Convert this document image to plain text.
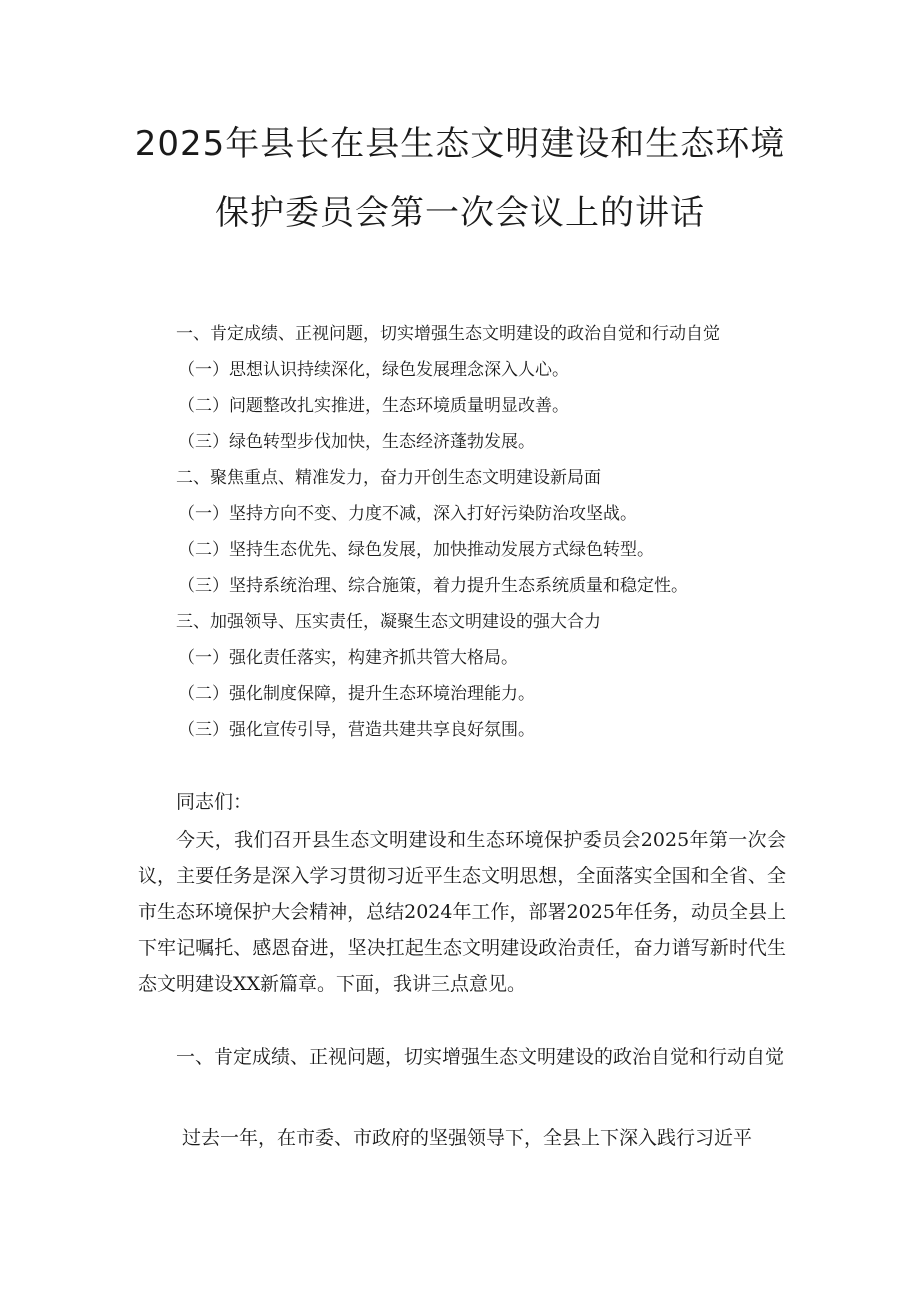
2025年县长在县生态文明建设和生态环境
保护委员会第一次会议上的讲话
一、肯定成绩、正视问题，切实增强生态文明建设的政治自觉和行动自觉
（一）思想认识持续深化，绿色发展理念深入人心。
（二）问题整改扎实推进，生态环境质量明显改善。
（三）绿色转型步伐加快，生态经济蓬勃发展。
二、聚焦重点、精准发力，奋力开创生态文明建设新局面
（一）坚持方向不变、力度不减，深入打好污染防治攻坚战。
（二）坚持生态优先、绿色发展，加快推动发展方式绿色转型。
（三）坚持系统治理、综合施策，着力提升生态系统质量和稳定性。
三、加强领导、压实责任，凝聚生态文明建设的强大合力
（一）强化责任落实，构建齐抓共管大格局。
（二）强化制度保障，提升生态环境治理能力。
（三）强化宣传引导，营造共建共享良好氛围。
同志们：
今天，我们召开县生态文明建设和生态环境保护委员会2025年第一次会议，主要任务是深入学习贯彻习近平生态文明思想，全面落实全国和全省、全市生态环境保护大会精神，总结2024年工作，部署2025年任务，动员全县上下牢记嘱托、感恩奋进，坚决扛起生态文明建设政治责任，奋力谱写新时代生态文明建设XX新篇章。下面，我讲三点意见。
一、肯定成绩、正视问题，切实增强生态文明建设的政治自觉和行动自觉
过去一年，在市委、市政府的坚强领导下，全县上下深入践行习近平
